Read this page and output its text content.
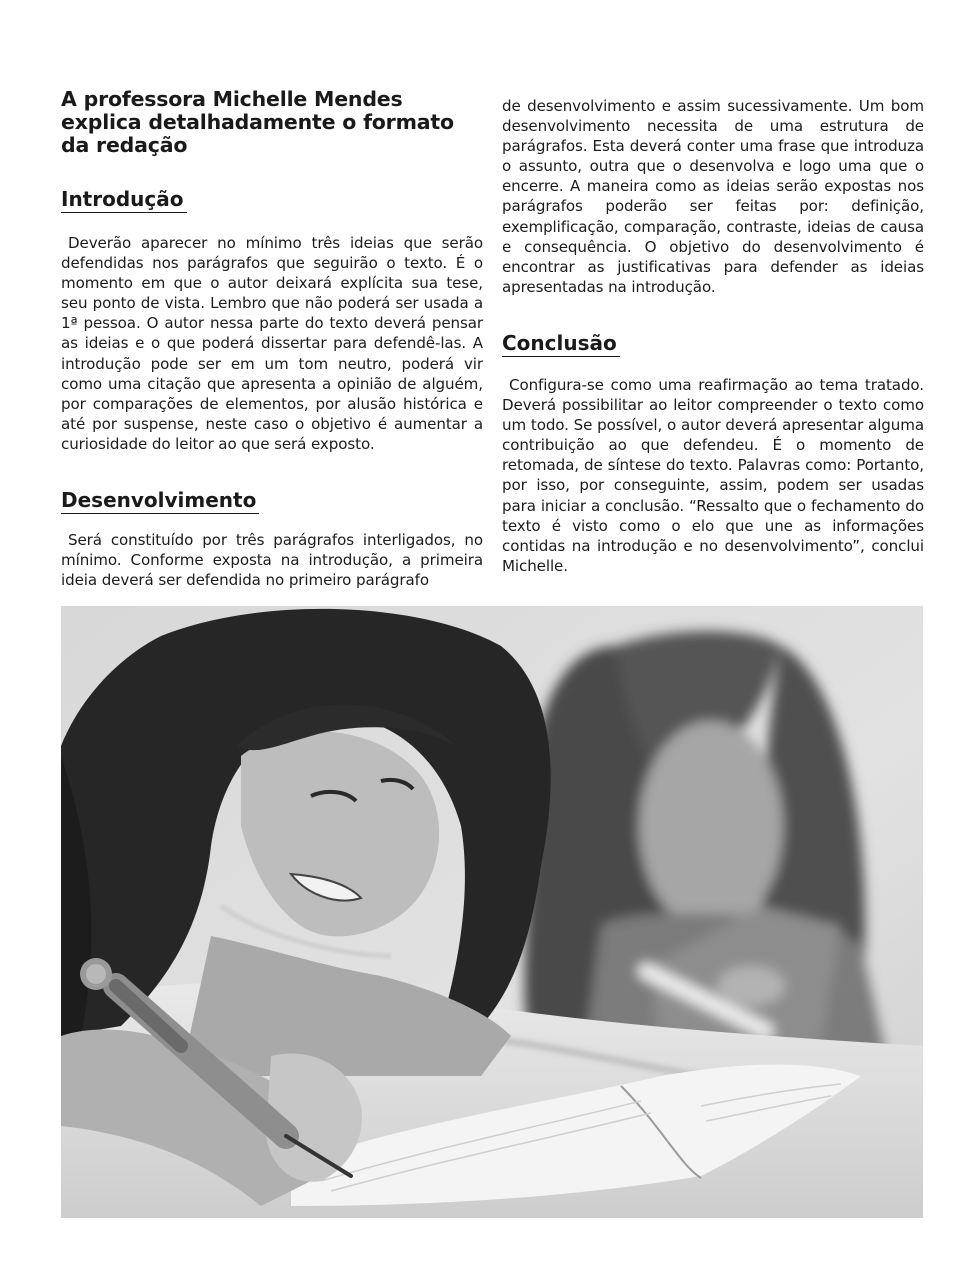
A professora Michelle Mendes explica detalhadamente o formato da redação
Introdução

Deverão aparecer no mínimo três ideias que serão defendidas nos parágrafos que seguirão o texto. É o momento em que o autor deixará explícita sua tese, seu ponto de vista. Lembro que não poderá ser usada a 1ª pessoa. O autor nessa parte do texto deverá pensar as ideias e o que poderá dissertar para defendê-las. A introdução pode ser em um tom neutro, poderá vir como uma citação que apresenta a opinião de alguém, por comparações de elementos, por alusão histórica e até por suspense, neste caso o objetivo é aumentar a curiosidade do leitor ao que será exposto.

Desenvolvimento

Será constituído por três parágrafos interligados, no mínimo. Conforme exposta na introdução, a primeira ideia deverá ser defendida no primeiro parágrafo

de desenvolvimento e assim sucessivamente. Um bom desenvolvimento necessita de uma estrutura de parágrafos. Esta deverá conter uma frase que introduza o assunto, outra que o desenvolva e logo uma que o encerre. A maneira como as ideias serão expostas nos parágrafos poderão ser feitas por: definição, exemplificação, comparação, contraste, ideias de causa e consequência. O objetivo do desenvolvimento é encontrar as justificativas para defender as ideias apresentadas na introdução.

Conclusão

Configura-se como uma reafirmação ao tema tratado. Deverá possibilitar ao leitor compreender o texto como um todo. Se possível, o autor deverá apresentar alguma contribuição ao que defendeu. É o momento de retomada, de síntese do texto. Palavras como: Portanto, por isso, por conseguinte, assim, podem ser usadas para iniciar a conclusão. “Ressalto que o fechamento do texto é visto como o elo que une as informações contidas na introdução e no desenvolvimento”, conclui Michelle.
